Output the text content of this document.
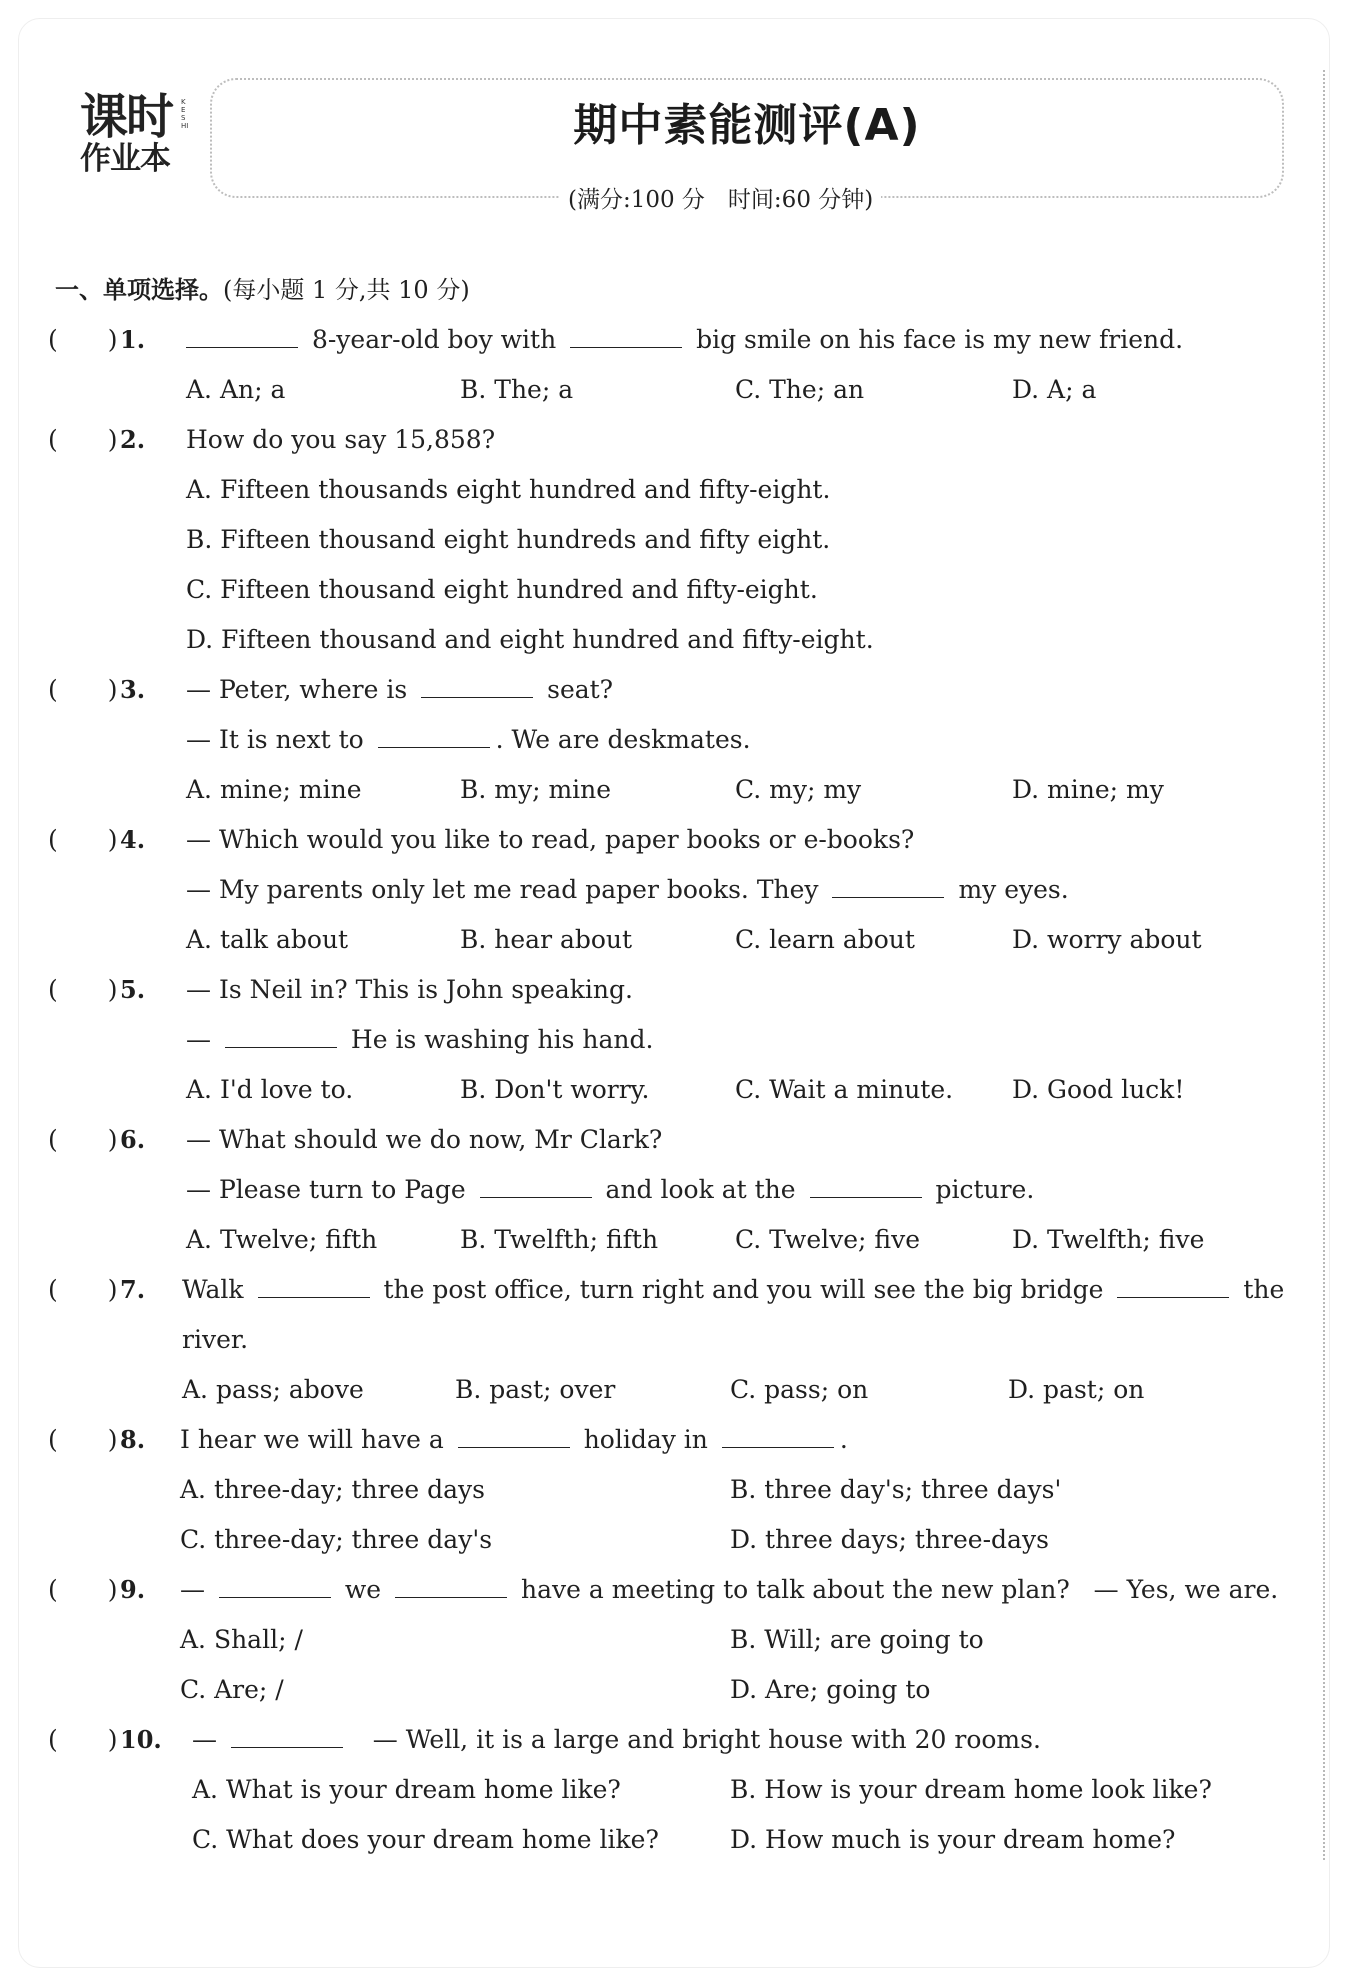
课时
作业本
KESHI	期中素能测评(A)
(满分:100 分　时间:60 分钟)
一、单项选择。(每小题 1 分,共 10 分)
(　　) 1.	8-year-old boy with	big smile on his face is my new friend.
A. An; a	B. The; a	C. The; an	D. A; a
(　　) 2. How do you say 15,858?
A. Fifteen thousands eight hundred and fifty-eight.
B. Fifteen thousand eight hundreds and fifty eight.
C. Fifteen thousand eight hundred and fifty-eight.
D. Fifteen thousand and eight hundred and fifty-eight.
(　　) 3. — Peter, where is	seat?
— It is next to	. We are deskmates.
A. mine; mine	B. my; mine	C. my; my	D. mine; my
(　　) 4. — Which would you like to read, paper books or e-books?
— My parents only let me read paper books. They	my eyes.
A. talk about	B. hear about	C. learn about	D. worry about
(　　) 5. — Is Neil in? This is John speaking.
—	He is washing his hand.
A. I'd love to.	B. Don't worry.	C. Wait a minute. D. Good luck!
(　　) 6. — What should we do now, Mr Clark?
— Please turn to Page	and look at the	picture.
A. Twelve; fifth	B. Twelfth; fifth	C. Twelve; five	D. Twelfth; five
(　　) 7. Walk	the post office, turn right and you will see the big bridge	the
river.
A. pass; above	B. past; over	C. pass; on	D. past; on
(　　) 8. I hear we will have a	holiday in	.
A. three-day; three days	B. three day's; three days'
C. three-day; three day's	D. three days; three-days
(　　) 9. —	we	have a meeting to talk about the new plan? — Yes, we are.
A. Shall; /	B. Will; are going to
C. Are; /	D. Are; going to
(　　) 10. —	— Well, it is a large and bright house with 20 rooms.
A. What is your dream home like?	B. How is your dream home look like?
C. What does your dream home like?	D. How much is your dream home?
